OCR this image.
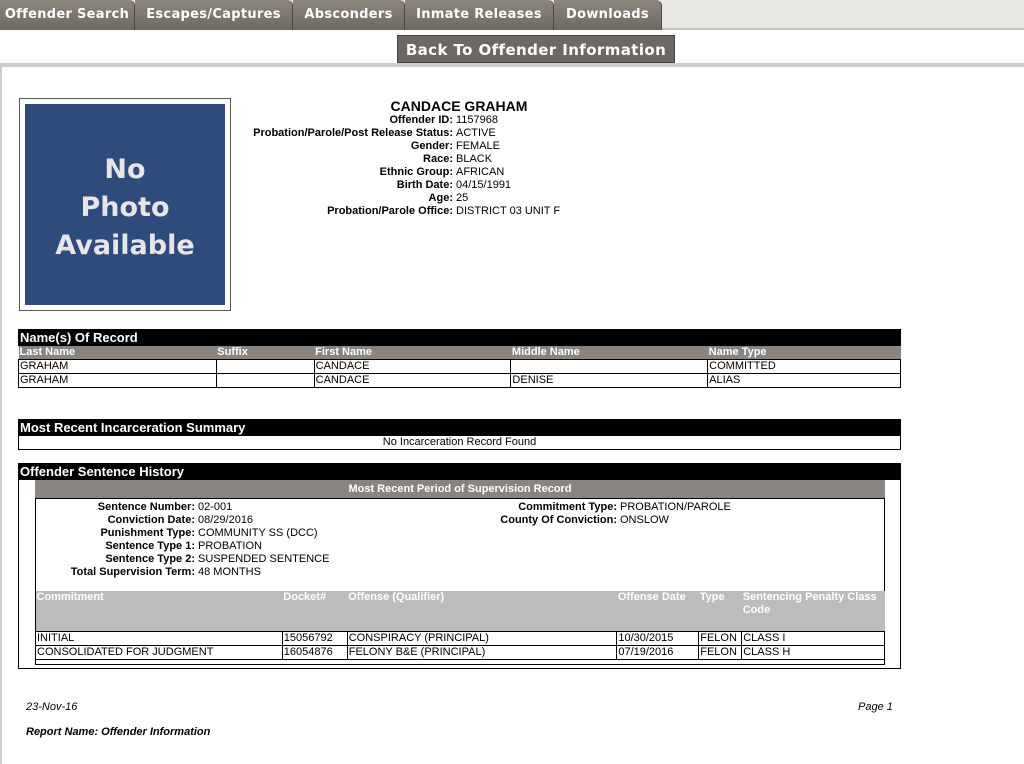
Offender Search	Escapes/Captures	Absconders	Inmate Releases	Downloads
Back To Offender Information
No
Photo
Available
CANDACE GRAHAM
Offender ID: 1157968
Probation/Parole/Post Release Status: ACTIVE
Gender: FEMALE
Race: BLACK
Ethnic Group: AFRICAN
Birth Date: 04/15/1991
Age: 25
Probation/Parole Office: DISTRICT 03 UNIT F
Name(s) Of Record
Last Name	Suffix	First Name	Middle Name	Name Type
GRAHAM		CANDACE		COMMITTED
GRAHAM		CANDACE	DENISE	ALIAS
Most Recent Incarceration Summary
No Incarceration Record Found
Offender Sentence History
Most Recent Period of Supervision Record
Sentence Number: 02-001
Conviction Date: 08/29/2016
Punishment Type: COMMUNITY SS (DCC)
Sentence Type 1: PROBATION
Sentence Type 2: SUSPENDED SENTENCE
Total Supervision Term: 48 MONTHS
Commitment Type: PROBATION/PAROLE
County Of Conviction: ONSLOW
Commitment	Docket#	Offense (Qualifier)	Offense Date	Type	Sentencing Penalty Class Code
INITIAL	15056792	CONSPIRACY (PRINCIPAL)	10/30/2015	FELON	CLASS I
CONSOLIDATED FOR JUDGMENT	16054876	FELONY B&E (PRINCIPAL)	07/19/2016	FELON	CLASS H
23-Nov-16	Page 1
Report Name: Offender Information
